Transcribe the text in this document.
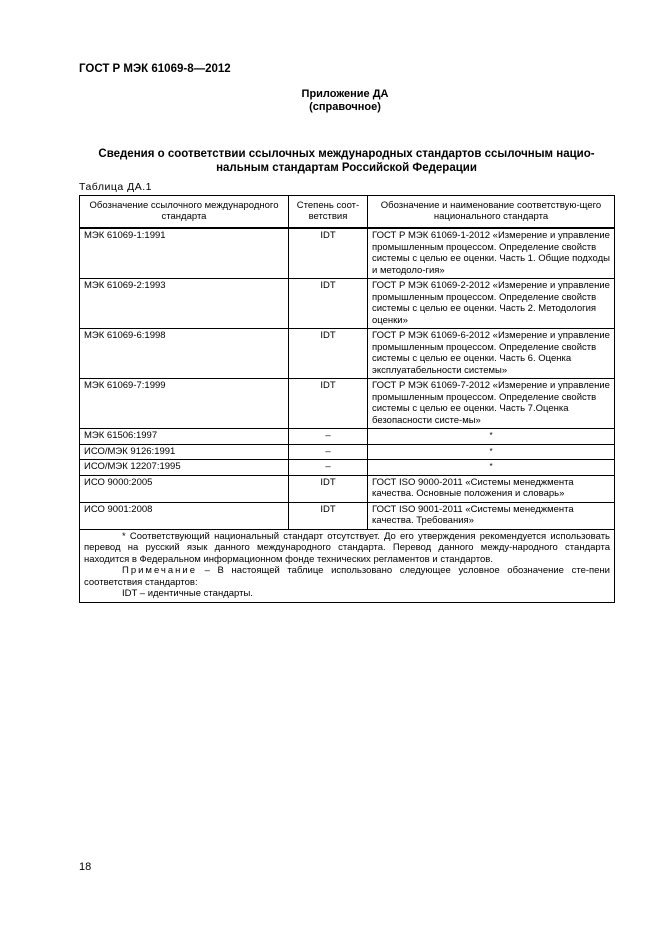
ГОСТ Р МЭК 61069-8—2012
Приложение ДА
(справочное)
Сведения о соответствии ссылочных международных стандартов ссылочным нацио-
нальным стандартам Российской Федерации
Таблица ДА.1
Обозначение ссылочного международного стандарта	Степень соот-ветствия	Обозначение и наименование соответствую-щего национального стандарта
МЭК 61069-1:1991	IDT	ГОСТ Р МЭК 61069-1-2012 «Измерение и управление промышленным процессом. Определение свойств системы с целью ее оценки. Часть 1. Общие подходы и методоло-гия»
МЭК 61069-2:1993	IDT	ГОСТ Р МЭК 61069-2-2012 «Измерение и управление промышленным процессом. Определение свойств системы с целью ее оценки. Часть 2. Методология оценки»
МЭК 61069-6:1998	IDT	ГОСТ Р МЭК 61069-6-2012 «Измерение и управление промышленным процессом. Определение свойств системы с целью ее оценки. Часть 6. Оценка эксплуатабельности системы»
МЭК 61069-7:1999	IDT	ГОСТ Р МЭК 61069-7-2012 «Измерение и управление промышленным процессом. Определение свойств системы с целью ее оценки. Часть 7.Оценка безопасности систе-мы»
МЭК 61506:1997	–	*
ИСО/МЭК 9126:1991	–	*
ИСО/МЭК 12207:1995	–	*
ИСО 9000:2005	IDT	ГОСТ ISO 9000-2011 «Системы менеджмента качества. Основные положения и словарь»
ИСО 9001:2008	IDT	ГОСТ ISO 9001-2011 «Системы менеджмента качества. Требования»

* Соответствующий национальный стандарт отсутствует. До его утверждения рекомендуется использовать перевод на русский язык данного международного стандарта. Перевод данного между-народного стандарта находится в Федеральном информационном фонде технических регламентов и стандартов.

Примечание – В настоящей таблице использовано следующее условное обозначение сте-пени соответствия стандартов:

IDT – идентичные стандарты.		

18
